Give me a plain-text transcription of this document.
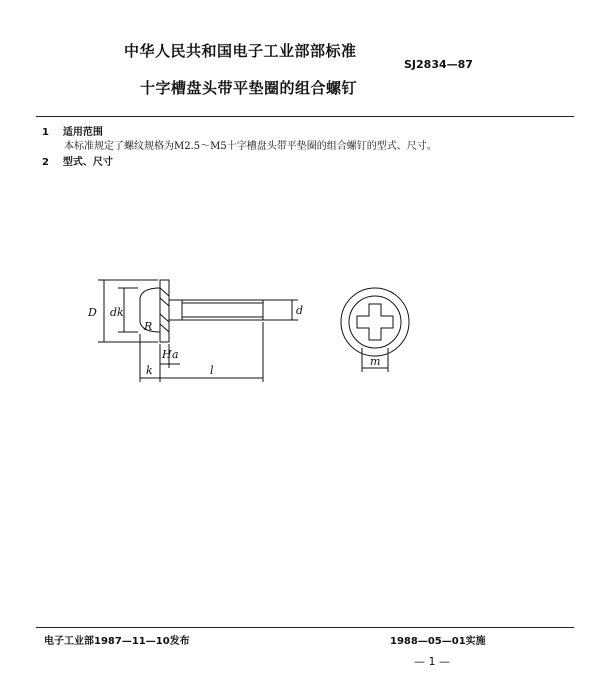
中华人民共和国电子工业部部标准
SJ2834—87
十字槽盘头带平垫圈的组合螺钉
1 适用范围
本标准规定了螺纹规格为M2.5～M5十字槽盘头带平垫圈的组合螺钉的型式、尺寸。
2 型式、尺寸
D dk
R
H a
d
k	l
m
电子工业部1987—11—10发布	1988—05—01实施
— 1 —
